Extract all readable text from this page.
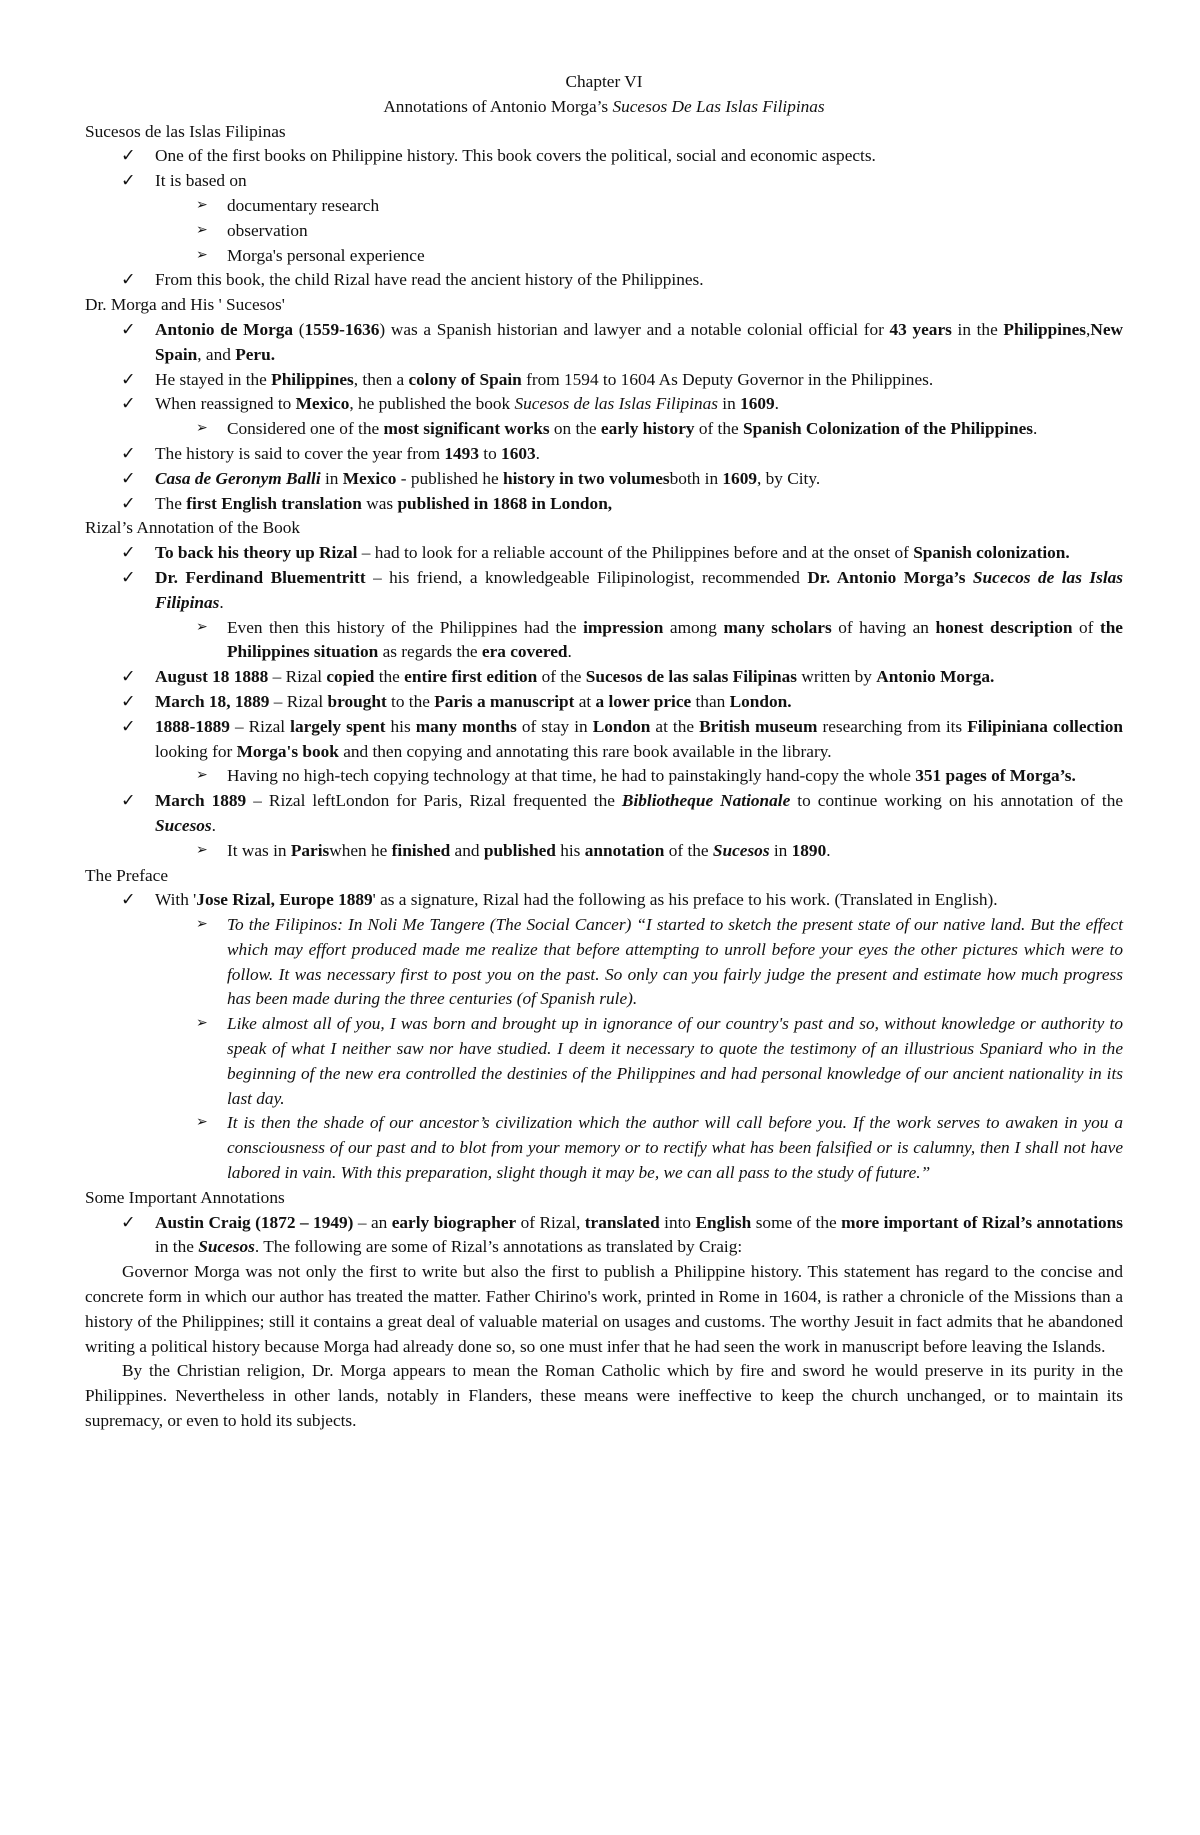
Chapter VI
Annotations of Antonio Morga’s Sucesos De Las Islas Filipinas
Sucesos de las Islas Filipinas
✓ One of the first books on Philippine history. This book covers the political, social and economic aspects.
✓ It is based on
➢ documentary research
➢ observation
➢ Morga's personal experience
✓ From this book, the child Rizal have read the ancient history of the Philippines.
Dr. Morga and His ' Sucesos'
✓ Antonio de Morga (1559-1636) was a Spanish historian and lawyer and a notable colonial official for 43 years in the Philippines,New Spain, and Peru.
✓ He stayed in the Philippines, then a colony of Spain from 1594 to 1604 As Deputy Governor in the Philippines.
✓ When reassigned to Mexico, he published the book Sucesos de las Islas Filipinas in 1609.
➢ Considered one of the most significant works on the early history of the Spanish Colonization of the Philippines.
✓ The history is said to cover the year from 1493 to 1603.
✓ Casa de Geronym Balli in Mexico - published he history in two volumesboth in 1609, by City.
✓ The first English translation was published in 1868 in London,
Rizal’s Annotation of the Book
✓ To back his theory up Rizal – had to look for a reliable account of the Philippines before and at the onset of Spanish colonization.
✓ Dr. Ferdinand Bluementritt – his friend, a knowledgeable Filipinologist, recommended Dr. Antonio Morga’s Sucecos de las Islas Filipinas.
➢ Even then this history of the Philippines had the impression among many scholars of having an honest description of the Philippines situation as regards the era covered.
✓ August 18 1888 – Rizal copied the entire first edition of the Sucesos de las salas Filipinas written by Antonio Morga.
✓ March 18, 1889 – Rizal brought to the Paris a manuscript at a lower price than London.
✓ 1888-1889 – Rizal largely spent his many months of stay in London at the British museum researching from its Filipiniana collection looking for Morga's book and then copying and annotating this rare book available in the library.
➢ Having no high-tech copying technology at that time, he had to painstakingly hand-copy the whole 351 pages of Morga’s.
✓ March 1889 – Rizal leftLondon for Paris, Rizal frequented the Bibliotheque Nationale to continue working on his annotation of the Sucesos.
➢ It was in Pariswhen he finished and published his annotation of the Sucesos in 1890.
The Preface
✓ With 'Jose Rizal, Europe 1889' as a signature, Rizal had the following as his preface to his work. (Translated in English).
➢ To the Filipinos: In Noli Me Tangere (The Social Cancer) “I started to sketch the present state of our native land. But the effect which may effort produced made me realize that before attempting to unroll before your eyes the other pictures which were to follow. It was necessary first to post you on the past. So only can you fairly judge the present and estimate how much progress has been made during the three centuries (of Spanish rule).
➢ Like almost all of you, I was born and brought up in ignorance of our country's past and so, without knowledge or authority to speak of what I neither saw nor have studied. I deem it necessary to quote the testimony of an illustrious Spaniard who in the beginning of the new era controlled the destinies of the Philippines and had personal knowledge of our ancient nationality in its last day.
➢ It is then the shade of our ancestor’s civilization which the author will call before you. If the work serves to awaken in you a consciousness of our past and to blot from your memory or to rectify what has been falsified or is calumny, then I shall not have labored in vain. With this preparation, slight though it may be, we can all pass to the study of future.”
Some Important Annotations
✓ Austin Craig (1872 – 1949) – an early biographer of Rizal, translated into English some of the more important of Rizal’s annotations in the Sucesos. The following are some of Rizal’s annotations as translated by Craig:
Governor Morga was not only the first to write but also the first to publish a Philippine history. This statement has regard to the concise and concrete form in which our author has treated the matter. Father Chirino's work, printed in Rome in 1604, is rather a chronicle of the Missions than a history of the Philippines; still it contains a great deal of valuable material on usages and customs. The worthy Jesuit in fact admits that he abandoned writing a political history because Morga had already done so, so one must infer that he had seen the work in manuscript before leaving the Islands.
By the Christian religion, Dr. Morga appears to mean the Roman Catholic which by fire and sword he would preserve in its purity in the Philippines. Nevertheless in other lands, notably in Flanders, these means were ineffective to keep the church unchanged, or to maintain its supremacy, or even to hold its subjects.
